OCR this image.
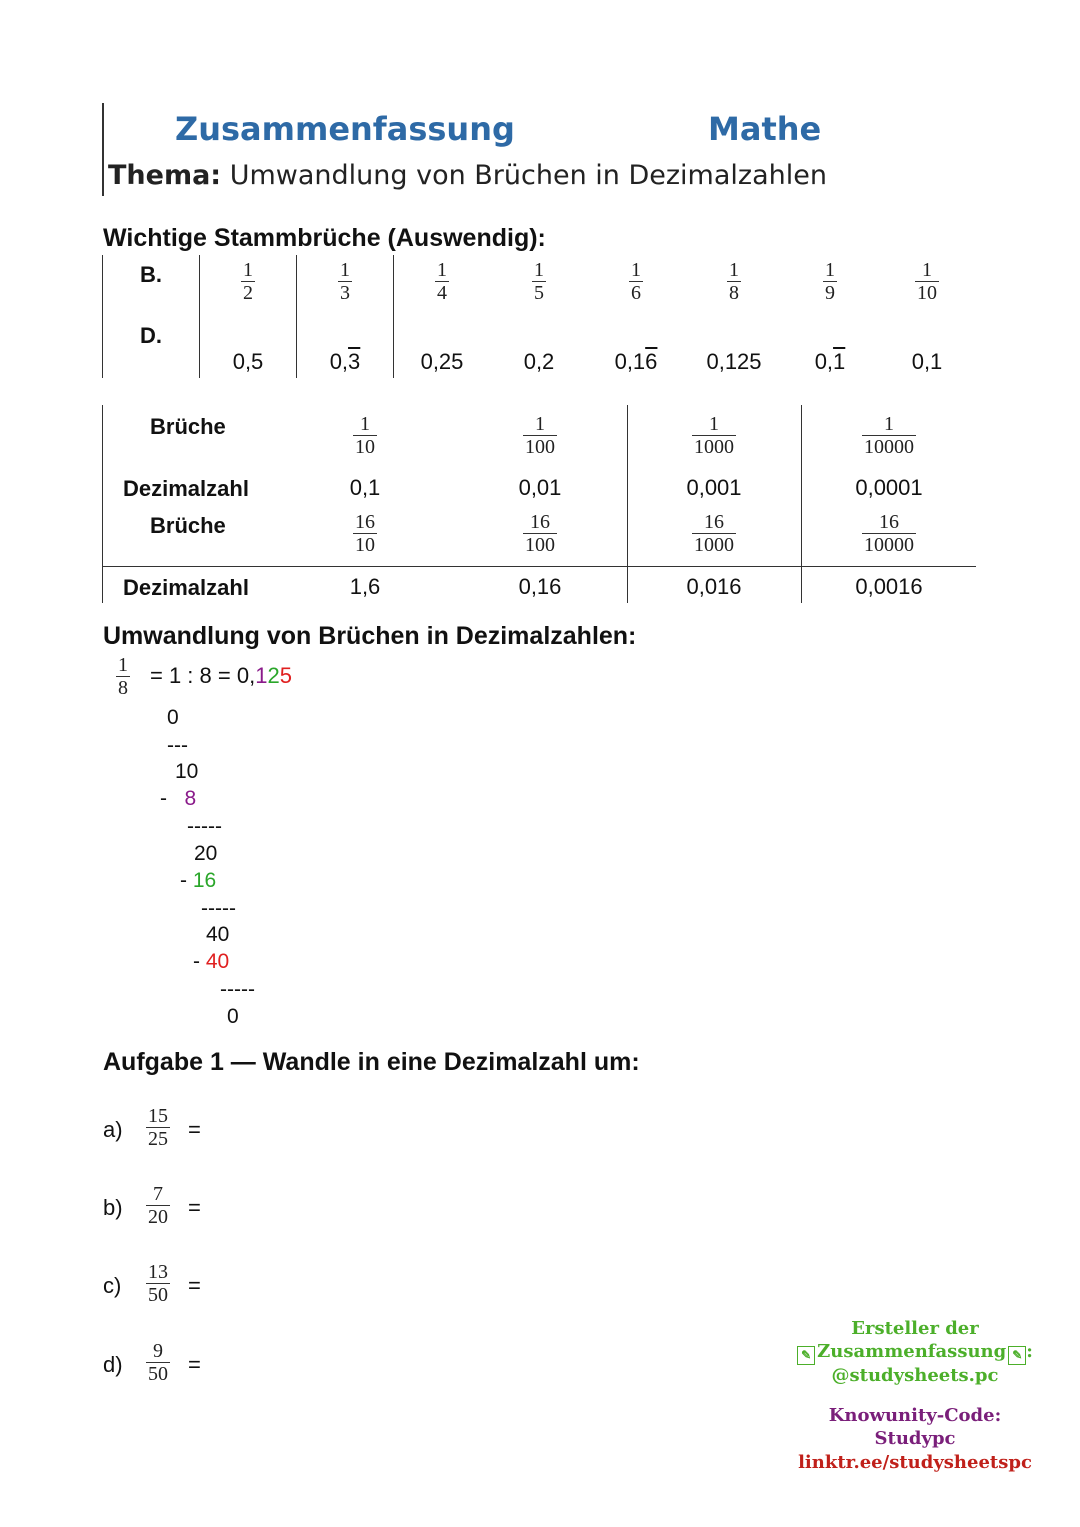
Zusammenfassung	Mathe
Thema: Umwandlung von Brüchen in Dezimalzahlen
Wichtige Stammbrüche (Auswendig):
B.
D.
$\frac{1}{2}$
0,5
$\frac{1}{3}$
0,3
$\frac{1}{4}$
0,25
$\frac{1}{5}$
0,2
$\frac{1}{6}$
0,16
$\frac{1}{8}$
0,125
$\frac{1}{9}$
0,1
$\frac{1}{10}$
0,1
Brüche
Dezimalzahl
Brüche
Dezimalzahl
$\frac{1}{10}$
0,1
$\frac{16}{10}$
1,6
$\frac{1}{100}$
0,01
$\frac{16}{100}$
0,16
$\frac{1}{1000}$
0,001
$\frac{16}{1000}$
0,016
$\frac{1}{10000}$
0,0001
$\frac{16}{10000}$
0,0016
Umwandlung von Brüchen in Dezimalzahlen:
$\frac{1}{8} = 1$ : 8 = 0,125
0
---
10
- 8
-----
20
- 16
-----
40
- 40
-----
0
Aufgabe 1 — Wandle in eine Dezimalzahl um:
$a) \frac{15}{25}$ =
$b) \frac{7}{20}$ =
$c) \frac{13}{50}$ =
$d) \frac{9}{50}$ =
Ersteller der
✎ Zusammenfassung ✎ :
@studysheets.pc
Knowunity-Code:
Studypc
linktr.ee/studysheetspc
